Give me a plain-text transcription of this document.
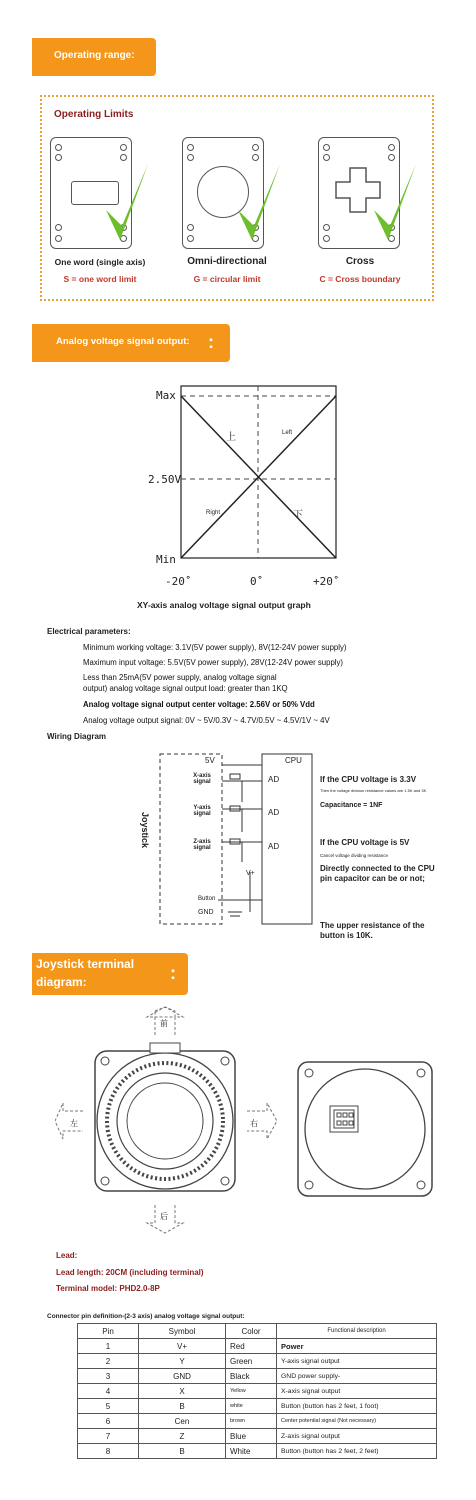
Operating range:
Operating Limits
One word (single axis)
S = one word limit
Omni-directional
G = circular limit
Cross
C = Cross boundary
Analog voltage signal output: :
Max
2.50V
Min
-20˚	0˚	+20˚
上	Left
Right	下
XY-axis analog voltage signal output graph
Electrical parameters:
Minimum working voltage: 3.1V(5V power supply), 8V(12-24V power supply)
Maximum input voltage: 5.5V(5V power supply), 28V(12-24V power supply)
Less than 25mA(5V power supply, analog voltage signal
output) analog voltage signal output load: greater than 1KQ
Analog voltage signal output center voltage: 2.56V or 50% Vdd
Analog voltage output signal: 0V ~ 5V/0.3V ~ 4.7V/0.5V ~ 4.5V/1V ~ 4V
Wiring Diagram
5V	CPU
Joystick
X-axis signal
Y-axis signal
Z-axis signal
AD
AD
AD
V+
Button
GND
If the CPU voltage is 3.3V
Then the voltage division resistance values are 1.5K and 3K
Capacitance = 1NF
If the CPU voltage is 5V
Cancel voltage dividing resistance
Directly connected to the CPU pin capacitor can be or not;
The upper resistance of the button is 10K.
Joystick terminal
diagram:	:
前
后
左	右
Lead:
Lead length: 20CM (including terminal)
Terminal model: PHD2.0-8P
Connector pin definition-(2-3 axis) analog voltage signal output:
Pin	Symbol	Color	Functional description
1	V+	Red	Power
2	Y	Green	Y-axis signal output
3	GND	Black	GND power supply-
4	X	Yellow	X-axis signal output
5	B	white	Button (button has 2 feet, 1 foot)
6	Cen	brown	Center potential signal (Not necessary)
7	Z	Blue	Z-axis signal output
8	B	White	Button (button has 2 feet, 2 feet)
